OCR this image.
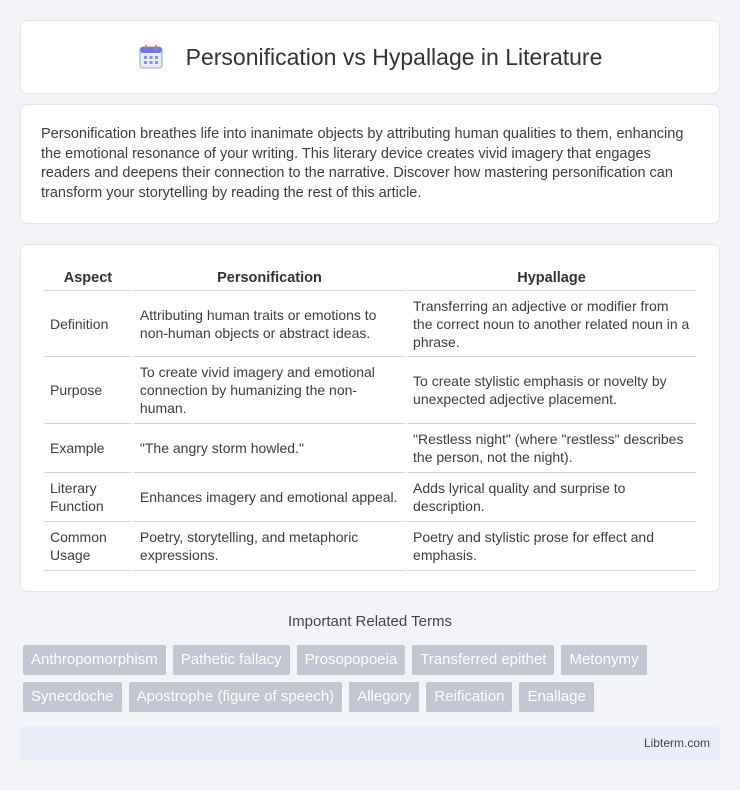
Personification vs Hypallage in Literature

Personification breathes life into inanimate objects by attributing human qualities to them, enhancing the emotional resonance of your writing. This literary device creates vivid imagery that engages readers and deepens their connection to the narrative. Discover how mastering personification can transform your storytelling by reading the rest of this article.

Aspect	Personification	Hypallage
Definition	Attributing human traits or emotions to non-human objects or abstract ideas.	Transferring an adjective or modifier from the correct noun to another related noun in a phrase.
Purpose	To create vivid imagery and emotional connection by humanizing the non-human.	To create stylistic emphasis or novelty by unexpected adjective placement.
Example	"The angry storm howled."	"Restless night" (where "restless" describes the person, not the night).
Literary Function	Enhances imagery and emotional appeal.	Adds lyrical quality and surprise to description.
Common Usage	Poetry, storytelling, and metaphoric expressions.	Poetry and stylistic prose for effect and emphasis.
Important Related Terms
Anthropomorphism	Pathetic fallacy	Prosopopoeia	Transferred epithet	Metonymy
Synecdoche	Apostrophe (figure of speech)	Allegory	Reification	Enallage
Libterm.com
